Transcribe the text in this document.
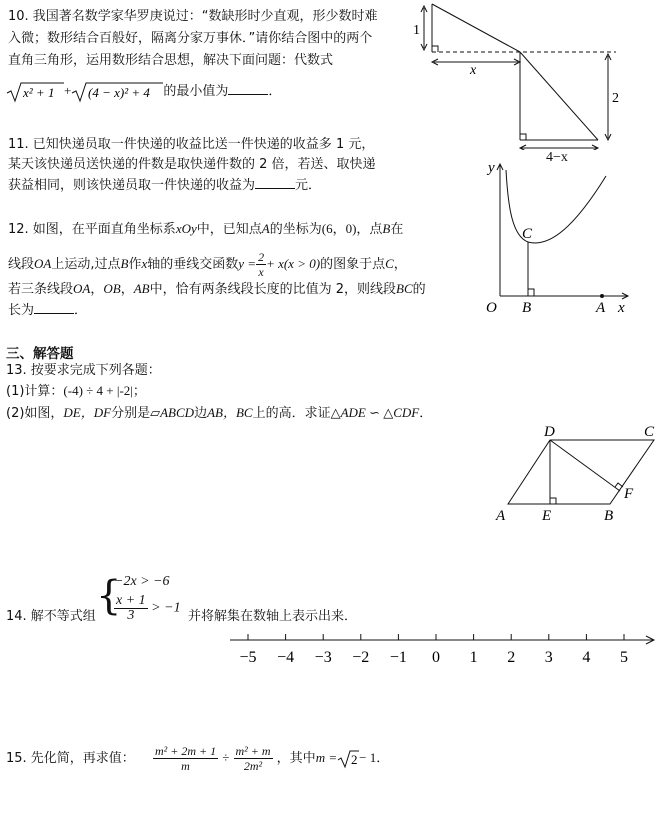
10. 我国著名数学家华罗庚说过：“数缺形时少直观，形少数时难
入微；数形结合百般好，隔离分家万事休．”请你结合图中的两个
直角三角形，运用数形结合思想，解决下面问题：代数式
x² + 1 + (4 − x)² + 4 的最小值为	．
1
x
2
4−x
11. 已知快递员取一件快递的收益比送一件快递的收益多 1 元，
某天该快递员送快递的件数是取快递件数的 2 倍，若送、取快递
获益相同，则该快递员取一件快递的收益为	元．
12. 如图，在平面直角坐标系xOy中，已知点A的坐标为(6，0)，点B在
线段OA上运动,过点B作x轴的垂线交函数$y = \frac{2}{x} + x(x > 0)$的图象于点C，
若三条线段OA，OB，AB中，恰有两条线段长度的比值为 2，则线段BC的
长为	．
y
x
O B	A
C
三、解答题
13. 按要求完成下列各题：
(1)计算：(-4) ÷ 4 + |-2|；
(2)如图，DE，DF分别是▱ABCD边AB，BC上的高．求证△ADE ∽ △CDF．
A E	B
F
C
D
14. 解不等式组 {
−2x > −6
$\frac{x + 1}{3} > -1$
并将解集在数轴上表示出来．
−5 −4 −3 −2 −1 0 1 2 3 4 5
15. 先化简，再求值： $\frac{\text{m² + 2m + 1}}{m} \div \frac{\text{m² + m}}{\text{2m²}}$ ，其中m = 2 − 1．
